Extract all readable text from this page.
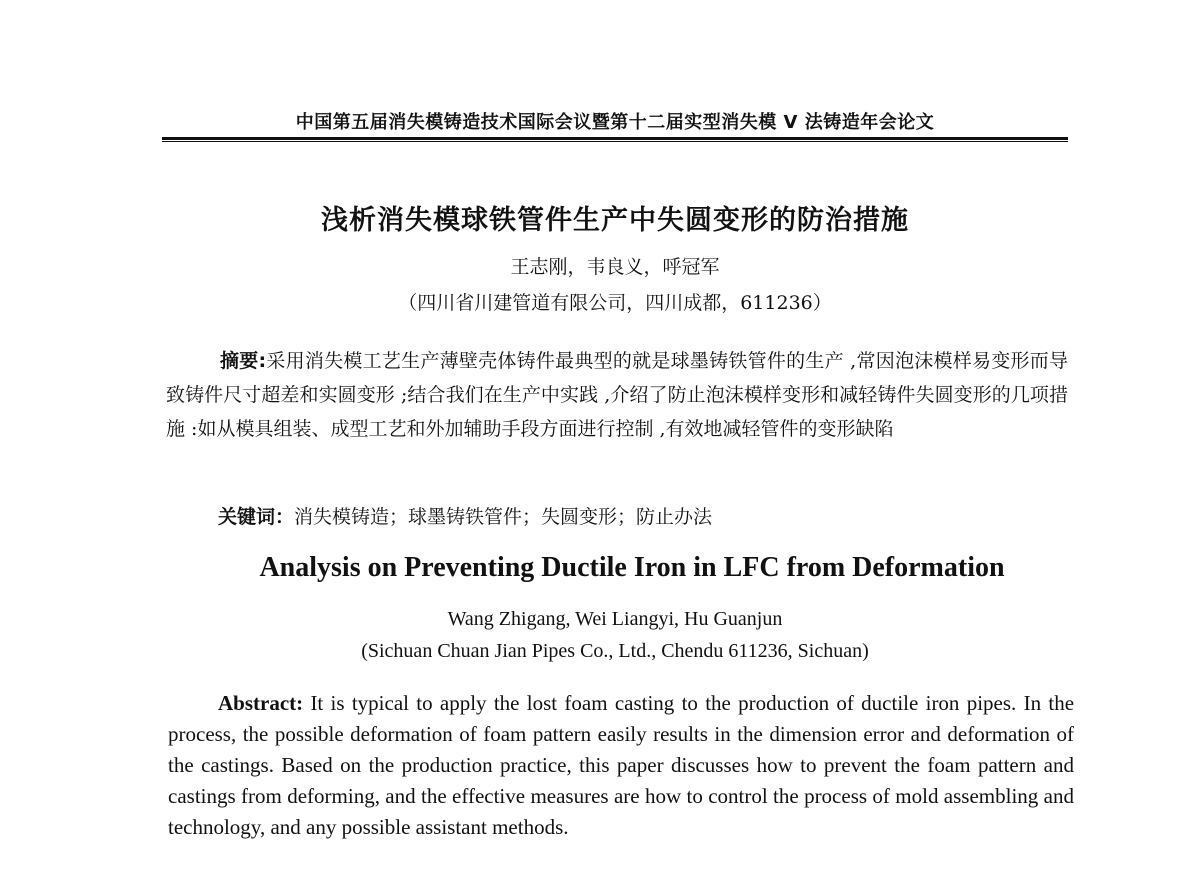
中国第五届消失模铸造技术国际会议暨第十二届实型消失模 V 法铸造年会论文
浅析消失模球铁管件生产中失圆变形的防治措施
王志刚，韦良义，呼冠军
（四川省川建管道有限公司，四川成都，611236）
摘要:采用消失模工艺生产薄壁壳体铸件最典型的就是球墨铸铁管件的生产 ,常因泡沫模样易变形而导致铸件尺寸超差和实圆变形 ;结合我们在生产中实践 ,介绍了防止泡沫模样变形和减轻铸件失圆变形的几项措施 :如从模具组装、成型工艺和外加辅助手段方面进行控制 ,有效地减轻管件的变形缺陷
关键词：消失模铸造；球墨铸铁管件；失圆变形；防止办法
Analysis on Preventing Ductile Iron in LFC from Deformation
Wang Zhigang, Wei Liangyi, Hu Guanjun
(Sichuan Chuan Jian Pipes Co., Ltd., Chendu 611236, Sichuan)
Abstract: It is typical to apply the lost foam casting to the production of ductile iron pipes. In the process, the possible deformation of foam pattern easily results in the dimension error and deformation of the castings. Based on the production practice, this paper discusses how to prevent the foam pattern and castings from deforming, and the effective measures are how to control the process of mold assembling and technology, and any possible assistant methods.
